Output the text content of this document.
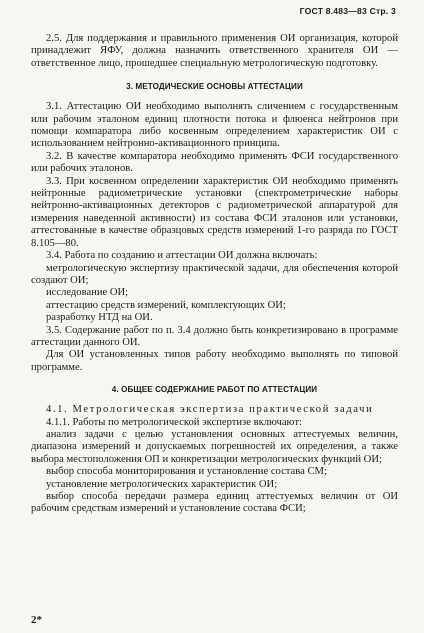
ГОСТ 8.483—83 Стр. 3

2.5. Для поддержания и правильного применения ОИ организация, которой принадлежит ЯФУ, должна назначить ответственного хранителя ОИ — ответственное лицо, прошедшее специальную метрологическую подготовку.

3. МЕТОДИЧЕСКИЕ ОСНОВЫ АТТЕСТАЦИИ

3.1. Аттестацию ОИ необходимо выполнять сличением с государственным или рабочим эталоном единиц плотности потока и флюенса нейтронов при помощи компаратора либо косвенным определением характеристик ОИ с использованием нейтронно-активационного принципа.

3.2. В качестве компаратора необходимо применять ФСИ государственного или рабочих эталонов.

3.3. При косвенном определении характеристик ОИ необходимо применять нейтронные радиометрические установки (спектрометрические наборы нейтронно-активационных детекторов с радиометрической аппаратурой для измерения наведенной активности) из состава ФСИ эталонов или установки, аттестованные в качестве образцовых средств измерений 1-го разряда по ГОСТ 8.105—80.

3.4. Работа по созданию и аттестации ОИ должна включать:

метрологическую экспертизу практической задачи, для обеспечения которой создают ОИ;

исследование ОИ;

аттестацию средств измерений, комплектующих ОИ;

разработку НТД на ОИ.

3.5. Содержание работ по п. 3.4 должно быть конкретизировано в программе аттестации данного ОИ.

Для ОИ установленных типов работу необходимо выполнять по типовой программе.

4. ОБЩЕЕ СОДЕРЖАНИЕ РАБОТ ПО АТТЕСТАЦИИ

4.1. Метрологическая экспертиза практической задачи

4.1.1. Работы по метрологической экспертизе включают:

анализ задачи с целью установления основных аттестуемых величин, диапазона измерений и допускаемых погрешностей их определения, а также выбора местоположения ОП и конкретизации метрологических функций ОИ;

выбор способа мониторирования и установление состава СМ;

установление метрологических характеристик ОИ;

выбор способа передачи размера единиц аттестуемых величин от ОИ рабочим средствам измерений и установление состава ФСИ;

2*
